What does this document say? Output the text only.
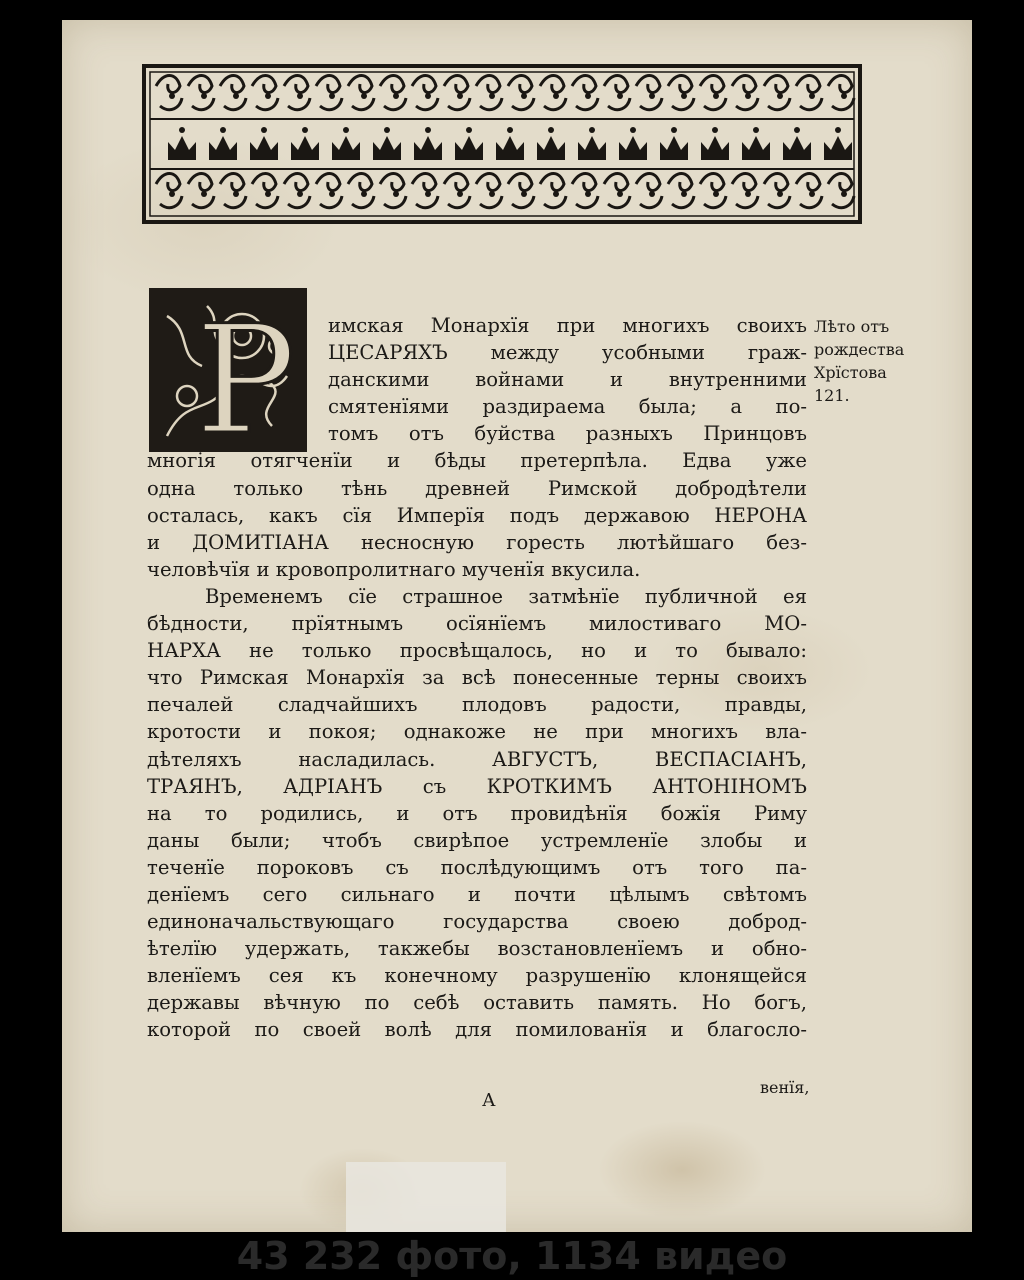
Р	Лѣто отъ
рождества
Хрїстова
121.
имская Монархїя при многихъ своихъ
ЦЕСАРЯХЪ между усобными граж-
данскими войнами и внутренними
смятенїями раздираема была; а по-
томъ отъ буйства разныхъ Принцовъ
многія отягченїи и бѣды претерпѣла. Едва уже
одна только тѣнь древней Римской добродѣтели
осталась, какъ сїя Имперїя подъ державою НЕРОНА
и ДОМИТІАНА несносную горесть лютѣйшаго без-
человѣчїя и кровопролитнаго мученїя вкусила.
Временемъ сїе страшное затмѣнїе публичной ея
бѣдности, прїятнымъ осїянїемъ милостиваго МО-
НАРХА не только просвѣщалось, но и то бывало:
что Римская Монархїя за всѣ понесенные терны своихъ
печалей сладчайшихъ плодовъ радости, правды,
кротости и покоя; однакоже не при многихъ вла-
дѣтеляхъ насладилась. АВГУСТЪ, ВЕСПАСІАНЪ,
ТРАЯНЪ, АДРІАНЪ съ КРОТКИМЪ АНТОНІНОМЪ
на то родились, и отъ провидѣнїя божїя Риму
даны были; чтобъ свирѣпое устремленїе злобы и
теченїе пороковъ съ послѣдующимъ отъ того па-
денїемъ сего сильнаго и почти цѣлымъ свѣтомъ
единоначальствующаго государства своею доброд-
ѣтелїю удержать, такжебы возстановленїемъ и обно-
вленїемъ сея къ конечному разрушенїю клонящейся
державы вѣчную по себѣ оставить память. Но богъ,
которой по своей волѣ для помилованїя и благосло-
А
венїя,
43 232 фото, 1134 видео
